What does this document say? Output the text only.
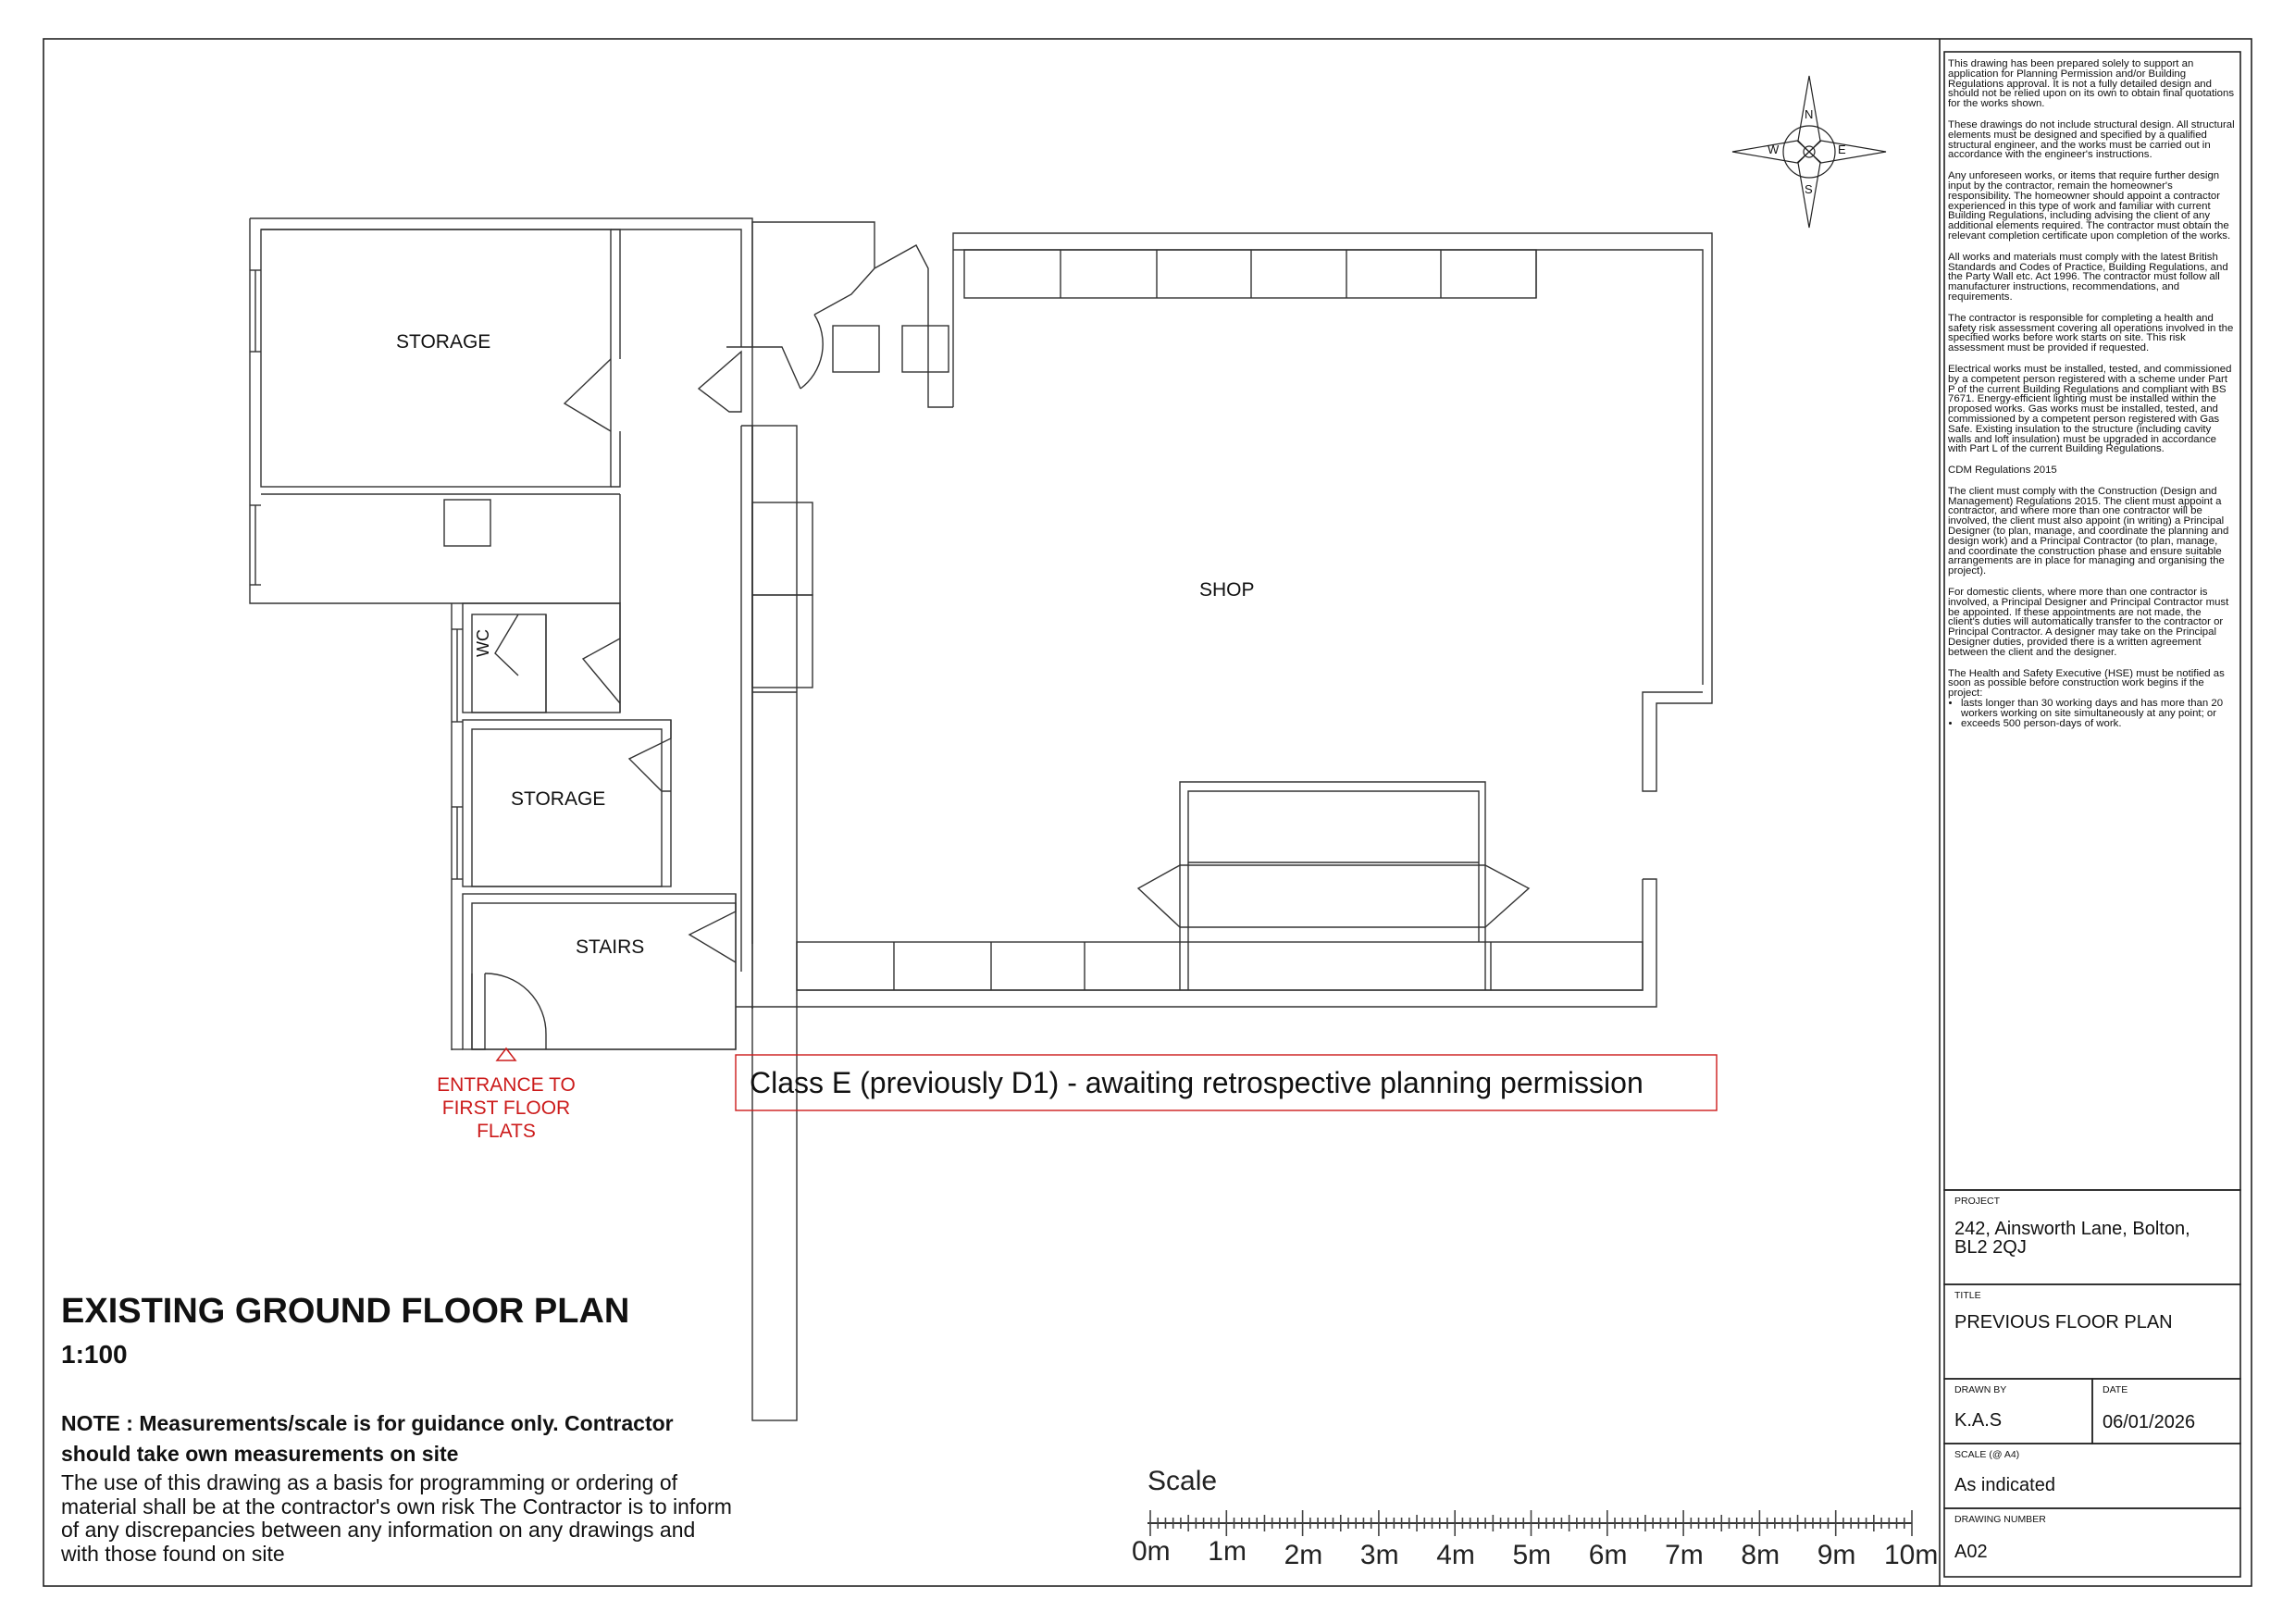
STORAGE
SHOP
WC
STORAGE
STAIRS
ENTRANCE TO
FIRST FLOOR
FLATS
Class E (previously D1) - awaiting retrospective planning permission
N
E
S
W
EXISTING GROUND FLOOR PLAN
1:100
NOTE : Measurements/scale is for guidance only. Contractor
should take own measurements on site
The use of this drawing as a basis for programming or ordering of
material shall be at the contractor's own risk The Contractor is to inform
of any discrepancies between any information on any drawings and
with those found on site
Scale
0m 1m 2m 3m 4m 5m 6m 7m 8m 9m 10m

This drawing has been prepared solely to support an application for Planning Permission and/or Building Regulations approval. It is not a fully detailed design and should not be relied upon on its own to obtain final quotations for the works shown.

These drawings do not include structural design. All structural elements must be designed and specified by a qualified structural engineer, and the works must be carried out in accordance with the engineer's instructions.

Any unforeseen works, or items that require further design input by the contractor, remain the homeowner's responsibility. The homeowner should appoint a contractor experienced in this type of work and familiar with current Building Regulations, including advising the client of any additional elements required. The contractor must obtain the relevant completion certificate upon completion of the works.

All works and materials must comply with the latest British Standards and Codes of Practice, Building Regulations, and the Party Wall etc. Act 1996. The contractor must follow all manufacturer instructions, recommendations, and requirements.

The contractor is responsible for completing a health and safety risk assessment covering all operations involved in the specified works before work starts on site. This risk assessment must be provided if requested.

Electrical works must be installed, tested, and commissioned by a competent person registered with a scheme under Part P of the current Building Regulations and compliant with BS 7671. Energy-efficient lighting must be installed within the proposed works. Gas works must be installed, tested, and commissioned by a competent person registered with Gas Safe. Existing insulation to the structure (including cavity walls and loft insulation) must be upgraded in accordance with Part L of the current Building Regulations.

CDM Regulations 2015

The client must comply with the Construction (Design and Management) Regulations 2015. The client must appoint a contractor, and where more than one contractor will be involved, the client must also appoint (in writing) a Principal Designer (to plan, manage, and coordinate the planning and design work) and a Principal Contractor (to plan, manage, and coordinate the construction phase and ensure suitable arrangements are in place for managing and organising the project).

For domestic clients, where more than one contractor is involved, a Principal Designer and Principal Contractor must be appointed. If these appointments are not made, the client's duties will automatically transfer to the contractor or Principal Contractor. A designer may take on the Principal Designer duties, provided there is a written agreement between the client and the designer.

The Health and Safety Executive (HSE) must be notified as soon as possible before construction work begins if the project:

• lasts longer than 30 working days and has more than 20 workers working on site simultaneously at any point; or
• exceeds 500 person-days of work.
PROJECT
242, Ainsworth Lane, Bolton,
BL2 2QJ
TITLE
PREVIOUS FLOOR PLAN
DRAWN BY
K.A.S
DATE
06/01/2026
SCALE (@ A4)
As indicated
DRAWING NUMBER
A02
